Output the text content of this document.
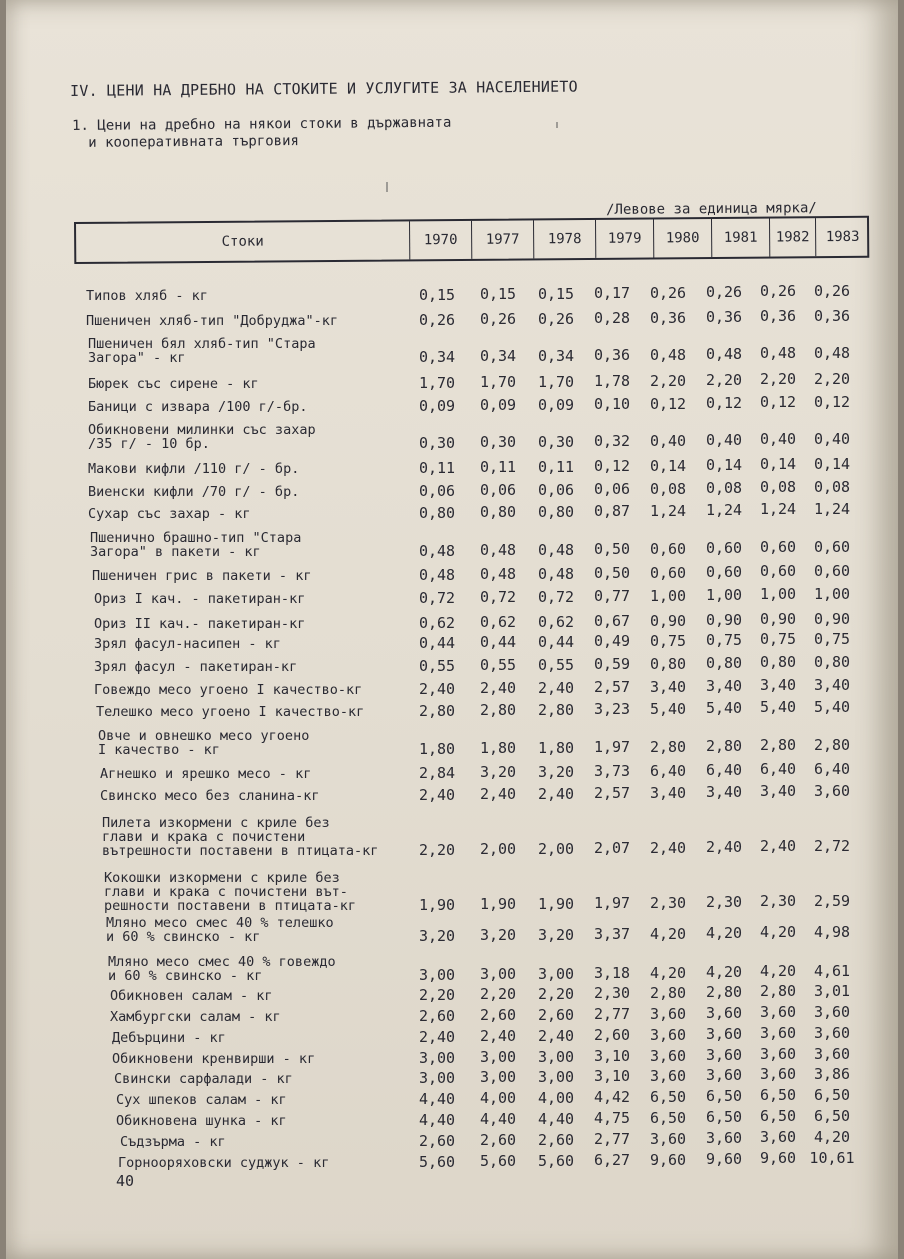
IV. ЦЕНИ НА ДРЕБНО НА СТОКИТЕ И УСЛУГИТЕ ЗА НАСЕЛЕНИЕТО
1. Цени на дребно на някои стоки в държавната
и кооперативната търговия
/Левове за единица мярка/
Стоки	1970	1977	1978	1979	1980	1981	1982	1983
Типов хляб - кг	0,15	0,15	0,15	0,17	0,26	0,26	0,26	0,26
Пшеничен хляб-тип "Добруджа"-кг	0,26	0,26	0,26	0,28	0,36	0,36	0,36	0,36
Пшеничен бял хляб-тип "Стара
Загора" - кг	0,34	0,34	0,34	0,36	0,48	0,48	0,48	0,48
Бюрек със сирене - кг	1,70	1,70	1,70	1,78	2,20	2,20	2,20	2,20
Баници с извара /100 г/-бр.	0,09	0,09	0,09	0,10	0,12	0,12	0,12	0,12
Обикновени милинки със захар
/35 г/ - 10 бр.	0,30	0,30	0,30	0,32	0,40	0,40	0,40	0,40
Макови кифли /110 г/ - бр.	0,11	0,11	0,11	0,12	0,14	0,14	0,14	0,14
Виенски кифли /70 г/ - бр.	0,06	0,06	0,06	0,06	0,08	0,08	0,08	0,08
Сухар със захар - кг	0,80	0,80	0,80	0,87	1,24	1,24	1,24	1,24
Пшенично брашно-тип "Стара
Загора" в пакети - кг	0,48	0,48	0,48	0,50	0,60	0,60	0,60	0,60
Пшеничен грис в пакети - кг	0,48	0,48	0,48	0,50	0,60	0,60	0,60	0,60
Ориз I кач. - пакетиран-кг	0,72	0,72	0,72	0,77	1,00	1,00	1,00	1,00
Ориз II кач.- пакетиран-кг	0,62	0,62	0,62	0,67	0,90	0,90	0,90	0,90
Зрял фасул-насипен - кг	0,44	0,44	0,44	0,49	0,75	0,75	0,75	0,75
Зрял фасул - пакетиран-кг	0,55	0,55	0,55	0,59	0,80	0,80	0,80	0,80
Говеждо месо угоено I качество-кг	2,40	2,40	2,40	2,57	3,40	3,40	3,40	3,40
Телешко месо угоено I качество-кг	2,80	2,80	2,80	3,23	5,40	5,40	5,40	5,40
Овче и овнешко месо угоено
I качество - кг	1,80	1,80	1,80	1,97	2,80	2,80	2,80	2,80
Агнешко и ярешко месо - кг	2,84	3,20	3,20	3,73	6,40	6,40	6,40	6,40
Свинско месо без сланина-кг	2,40	2,40	2,40	2,57	3,40	3,40	3,40	3,60
Пилета изкормени с криле без
глави и крака с почистени
вътрешности поставени в птицата-кг	2,20	2,00	2,00	2,07	2,40	2,40	2,40	2,72
Кокошки изкормени с криле без
глави и крака с почистени вът-
решности поставени в птицата-кг	1,90	1,90	1,90	1,97	2,30	2,30	2,30	2,59
Мляно месо смес 40 % телешко
и 60 % свинско - кг	3,20	3,20	3,20	3,37	4,20	4,20	4,20	4,98
Мляно месо смес 40 % говеждо
и 60 % свинско - кг	3,00	3,00	3,00	3,18	4,20	4,20	4,20	4,61
Обикновен салам - кг	2,20	2,20	2,20	2,30	2,80	2,80	2,80	3,01
Хамбургски салам - кг	2,60	2,60	2,60	2,77	3,60	3,60	3,60	3,60
Дебърцини - кг	2,40	2,40	2,40	2,60	3,60	3,60	3,60	3,60
Обикновени кренвирши - кг	3,00	3,00	3,00	3,10	3,60	3,60	3,60	3,60
Свински сарфалади - кг	3,00	3,00	3,00	3,10	3,60	3,60	3,60	3,86
Сух шпеков салам - кг	4,40	4,00	4,00	4,42	6,50	6,50	6,50	6,50
Обикновена шунка - кг	4,40	4,40	4,40	4,75	6,50	6,50	6,50	6,50
Съдзърма - кг	2,60	2,60	2,60	2,77	3,60	3,60	3,60	4,20
Горнооряховски суджук - кг	5,60	5,60	5,60	6,27	9,60	9,60	9,60 10,61
40
